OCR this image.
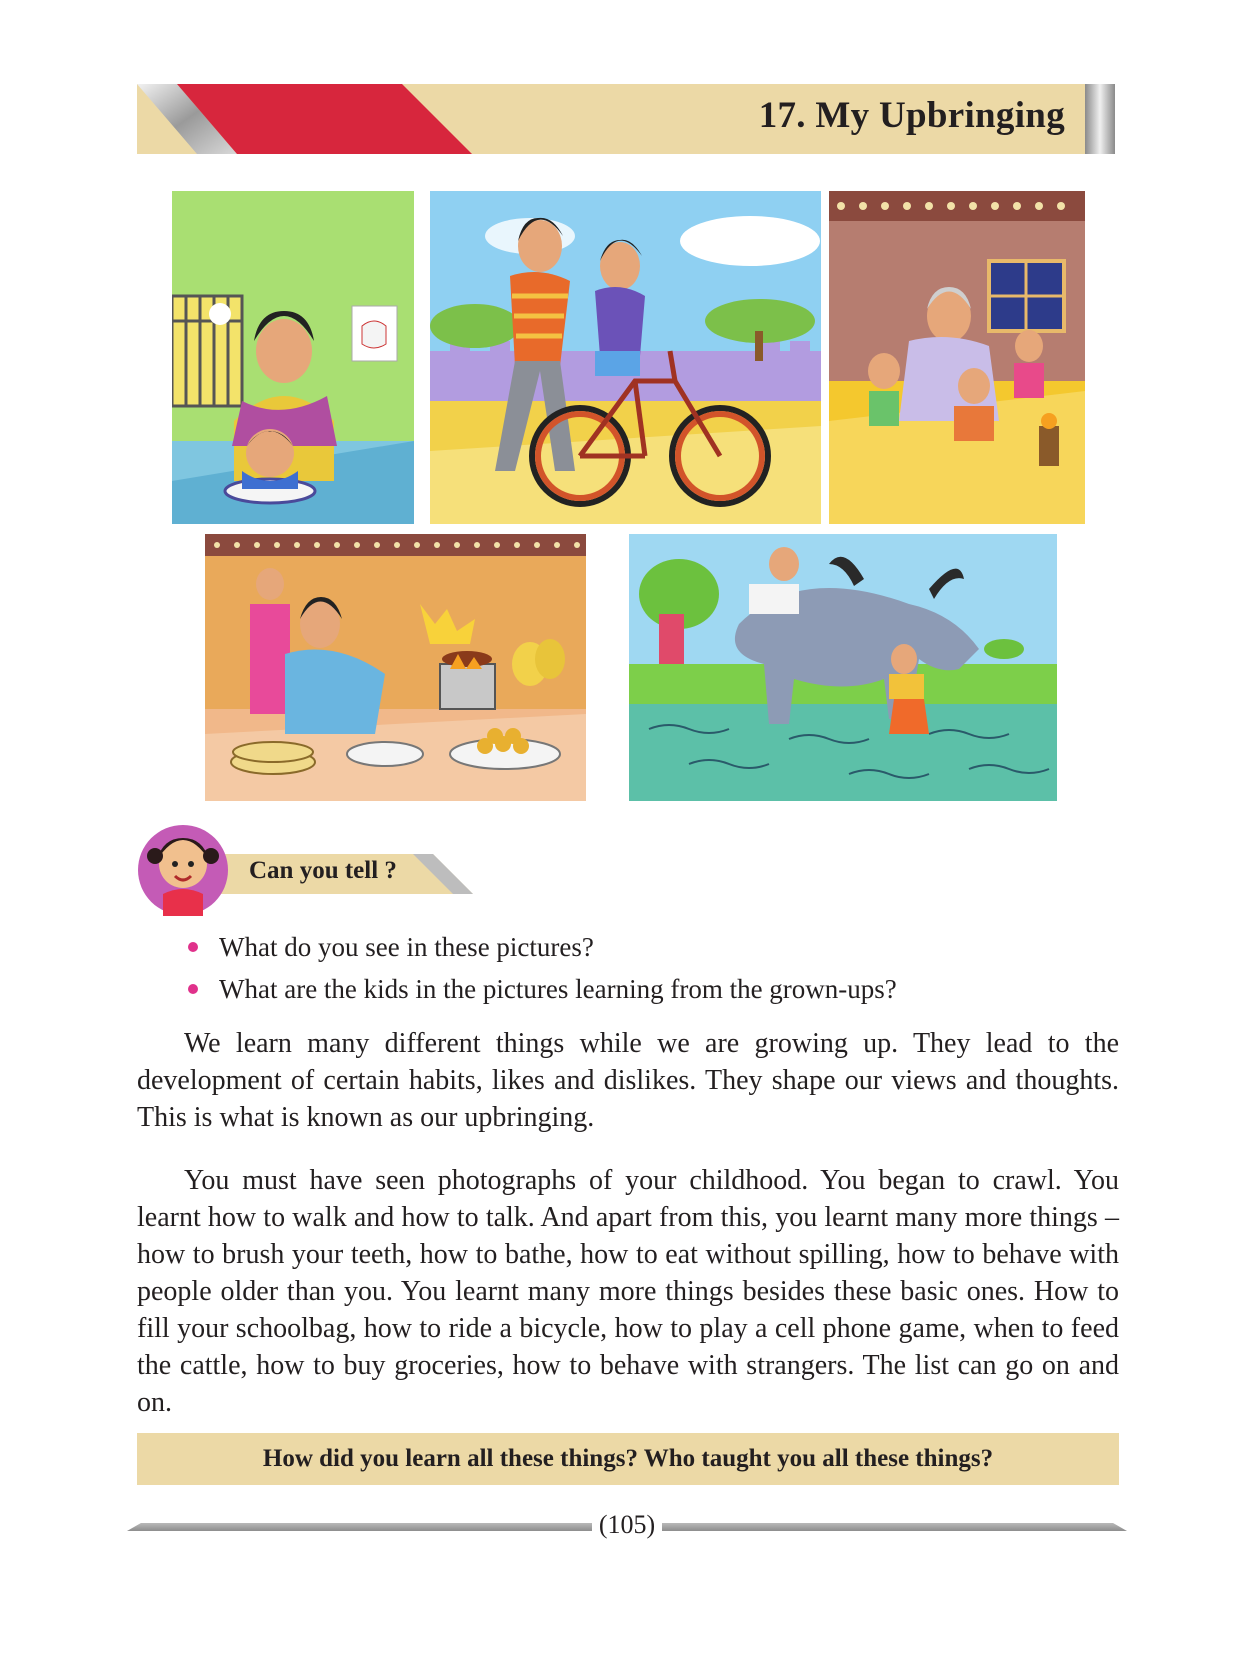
17. My Upbringing
Can you tell ?
What do you see in these pictures?
What are the kids in the pictures learning from the grown-ups?

We learn many different things while we are growing up. They lead to the development of certain habits, likes and dislikes. They shape our views and thoughts. This is what is known as our upbringing.

You must have seen photographs of your childhood. You began to crawl. You learnt how to walk and how to talk. And apart from this, you learnt many more things – how to brush your teeth, how to bathe, how to eat without spilling, how to behave with people older than you. You learnt many more things besides these basic ones. How to fill your schoolbag, how to ride a bicycle, how to play a cell phone game, when to feed the cattle, how to buy groceries, how to behave with strangers. The list can go on and on.

How did you learn all these things? Who taught you all these things?
(105)
